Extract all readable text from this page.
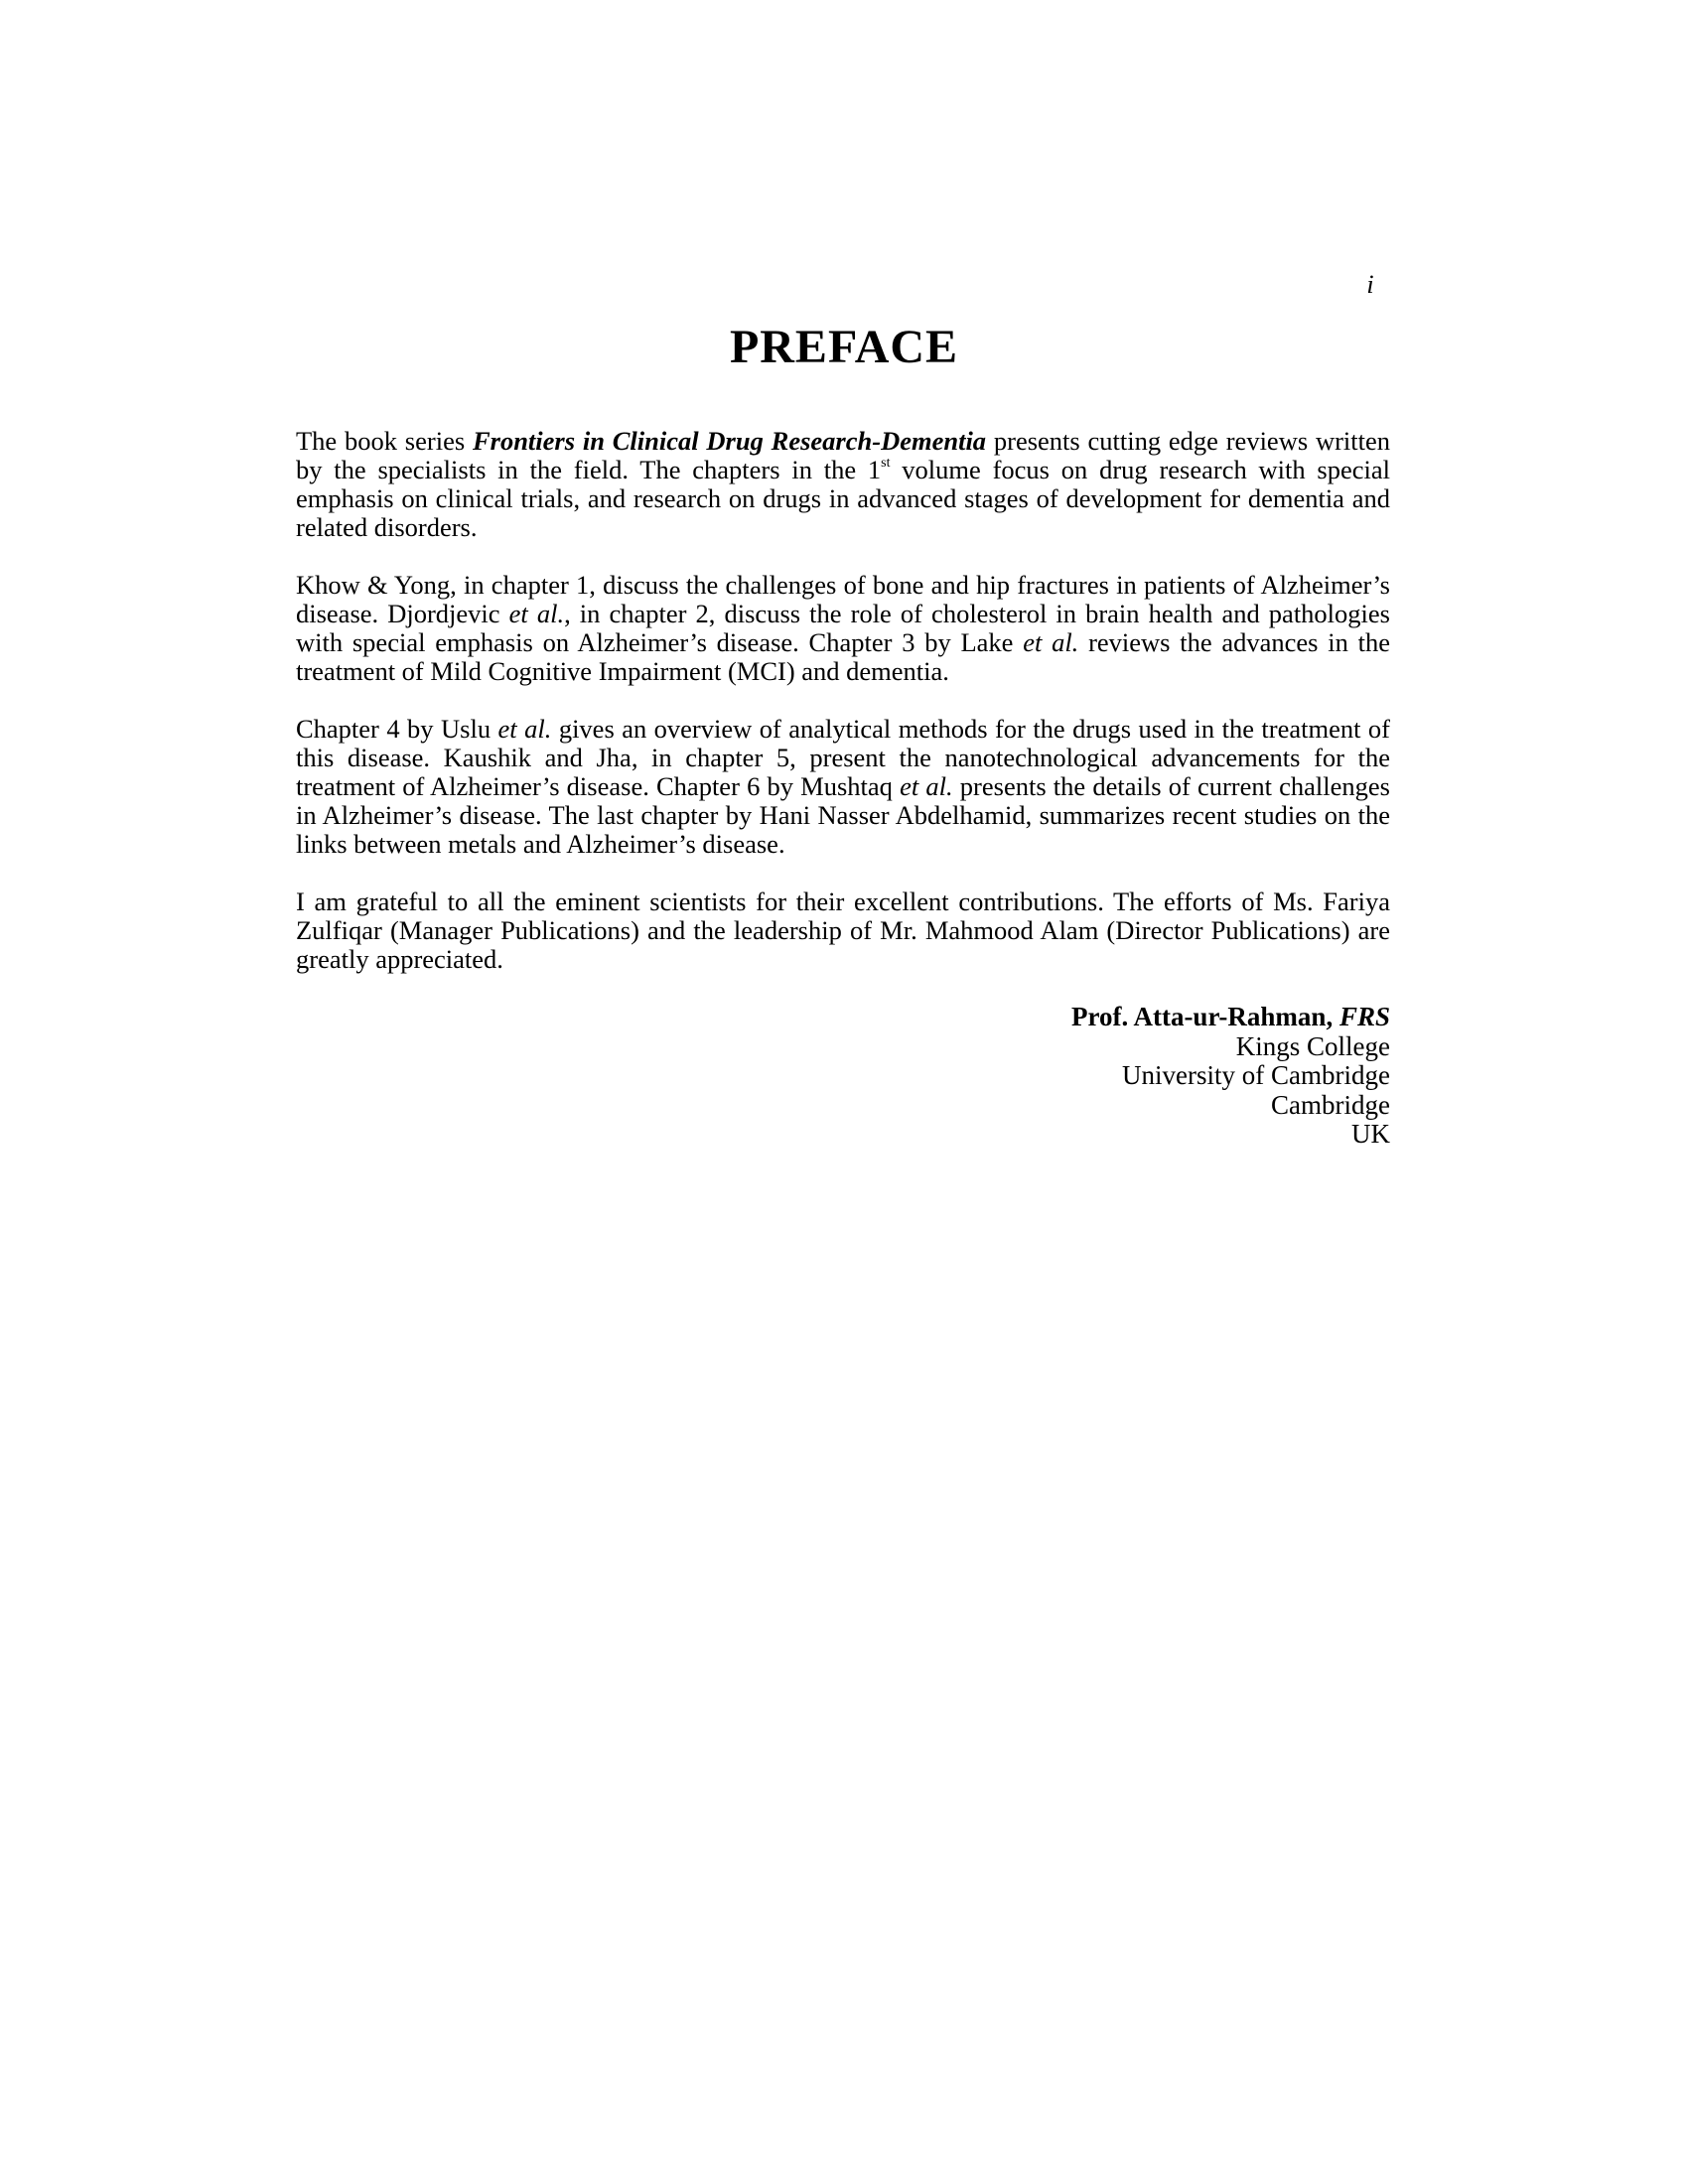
i
PREFACE

The book series Frontiers in Clinical Drug Research-Dementia presents cutting edge reviews written by the specialists in the field. The chapters in the 1st volume focus on drug research with special emphasis on clinical trials, and research on drugs in advanced stages of development for dementia and related disorders.

Khow & Yong, in chapter 1, discuss the challenges of bone and hip fractures in patients of Alzheimer’s disease. Djordjevic et al., in chapter 2, discuss the role of cholesterol in brain health and pathologies with special emphasis on Alzheimer’s disease. Chapter 3 by Lake et al. reviews the advances in the treatment of Mild Cognitive Impairment (MCI) and dementia.

Chapter 4 by Uslu et al. gives an overview of analytical methods for the drugs used in the treatment of this disease. Kaushik and Jha, in chapter 5, present the nanotechnological advancements for the treatment of Alzheimer’s disease. Chapter 6 by Mushtaq et al. presents the details of current challenges in Alzheimer’s disease. The last chapter by Hani Nasser Abdelhamid, summarizes recent studies on the links between metals and Alzheimer’s disease.

I am grateful to all the eminent scientists for their excellent contributions. The efforts of Ms. Fariya Zulfiqar (Manager Publications) and the leadership of Mr. Mahmood Alam (Director Publications) are greatly appreciated.

Prof. Atta-ur-Rahman, FRS
Kings College
University of Cambridge
Cambridge
UK
